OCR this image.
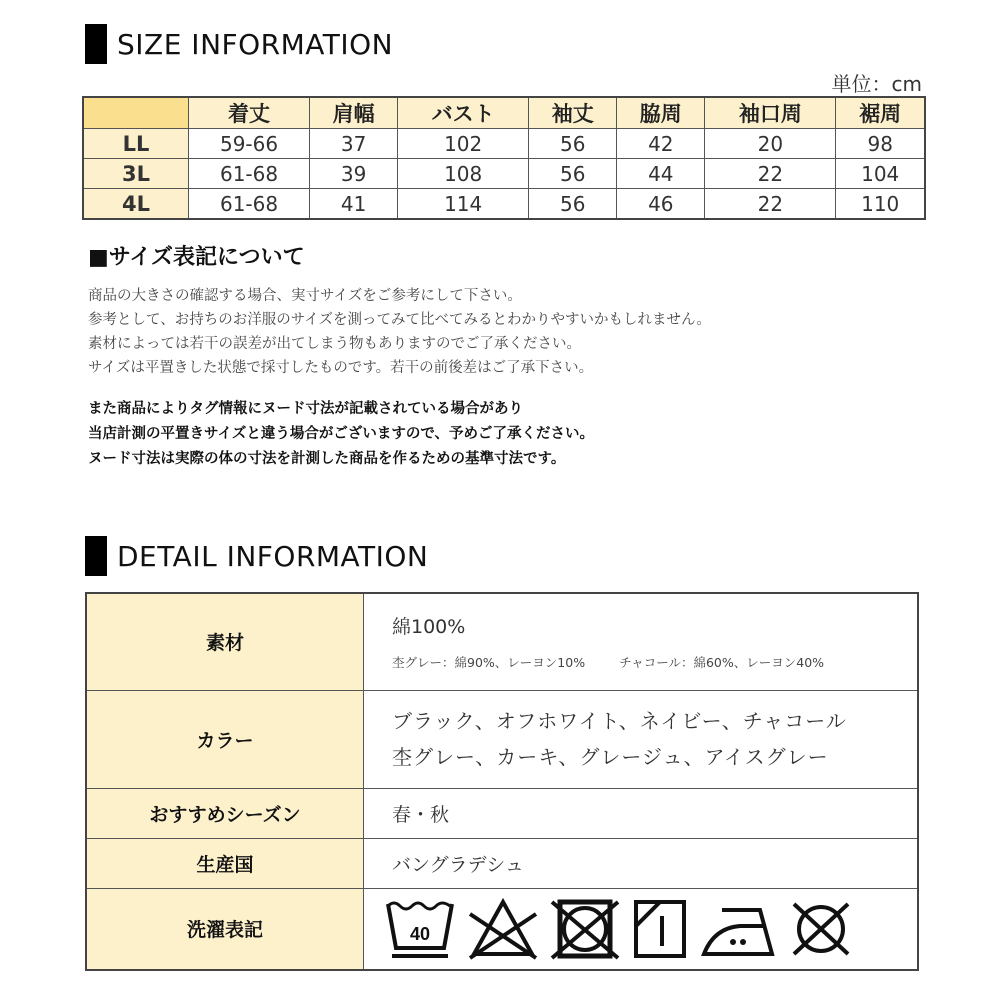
SIZE INFORMATION
単位：cm
	着丈	肩幅	バスト	袖丈	脇周	袖口周	裾周
LL	59-66	37	102	56	42	20	98
3L	61-68	39	108	56	44	22	104
4L	61-68	41	114	56	46	22	110
■サイズ表記について
商品の大きさの確認する場合、実寸サイズをご参考にして下さい。
参考として、お持ちのお洋服のサイズを測ってみて比べてみるとわかりやすいかもしれません。
素材によっては若干の誤差が出てしまう物もありますのでご了承ください。
サイズは平置きした状態で採寸したものです。若干の前後差はご了承下さい。
また商品によりタグ情報にヌード寸法が記載されている場合があり
当店計測の平置きサイズと違う場合がございますので、予めご了承ください。
ヌード寸法は実際の体の寸法を計測した商品を作るための基準寸法です。
DETAIL INFORMATION
素材	綿100%
杢グレー：綿90%、レーヨン10% チャコール：綿60%、レーヨン40%

カラー	ブラック、オフホワイト、ネイビー、チャコール
杢グレー、カーキ、グレージュ、アイスグレー

おすすめシーズン	春・秋
生産国	バングラデシュ
洗濯表記	40
